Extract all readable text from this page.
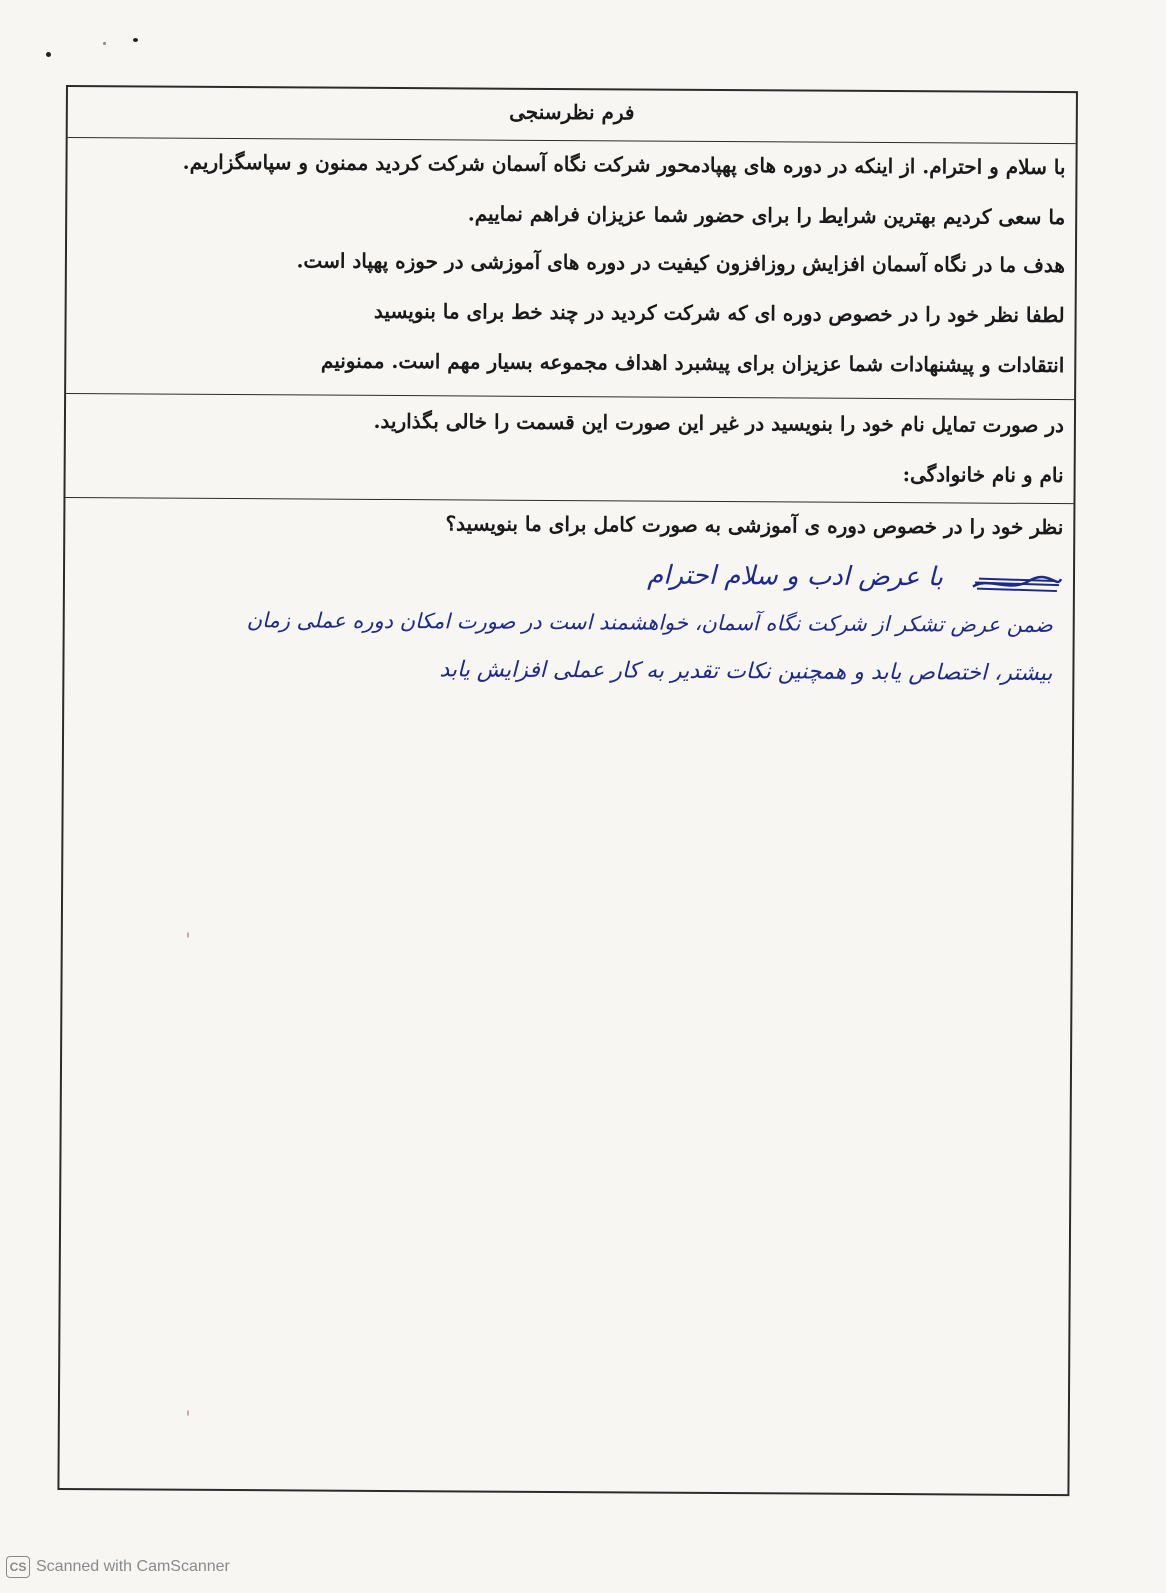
فرم نظرسنجی
با سلام و احترام. از اینکه در دوره های پهپادمحور شرکت نگاه آسمان شرکت کردید ممنون و سپاسگزاریم.
ما سعی کردیم بهترین شرایط را برای حضور شما عزیزان فراهم نماییم.
هدف ما در نگاه آسمان افزایش روزافزون کیفیت در دوره های آموزشی در حوزه پهپاد است.
لطفا نظر خود را در خصوص دوره ای که شرکت کردید در چند خط برای ما بنویسید
انتقادات و پیشنهادات شما عزیزان برای پیشبرد اهداف مجموعه بسیار مهم است. ممنونیم
در صورت تمایل نام خود را بنویسید در غیر این صورت این قسمت را خالی بگذارید.
نام و نام خانوادگی:
نظر خود را در خصوص دوره ی آموزشی به صورت کامل برای ما بنویسید؟
با عرض ادب و سلام احترام
ضمن عرض تشکر از شرکت نگاه آسمان، خواهشمند است در صورت امکان دوره عملی زمان
بیشتر، اختصاص یابد و همچنین نکات تقدیر به کار عملی افزایش یابد
CS Scanned with CamScanner
